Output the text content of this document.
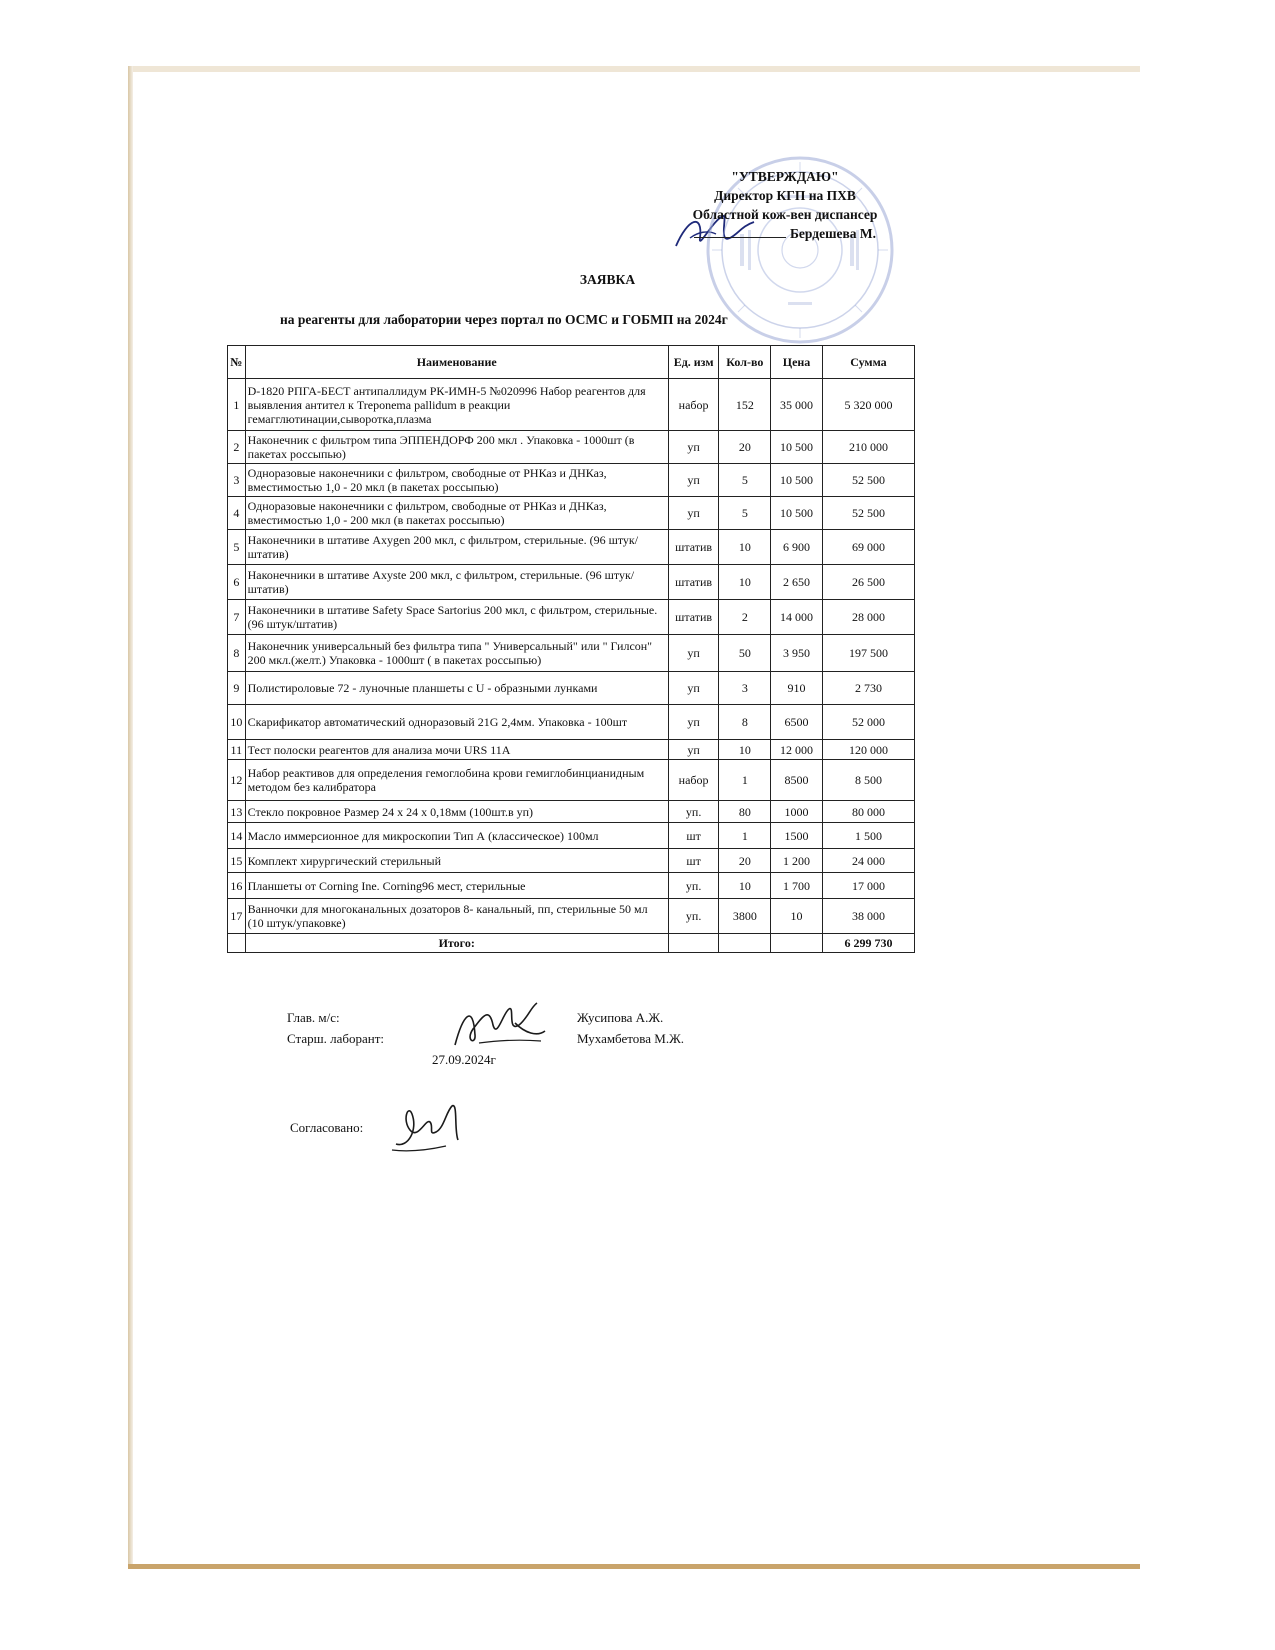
"УТВЕРЖДАЮ"
Директор КГП на ПХВ
Областной кож-вен диспансер
Бердешева М.
ЗАЯВКА
на реагенты для лаборатории через портал по ОСМС и ГОБМП на 2024г
№	Наименование	Ед. изм	Кол-во	Цена	Сумма
1	D-1820 РПГА-БЕСТ антипаллидум РК-ИМН-5 №020996 Набор реагентов для выявления антител к Treponema pallidum в реакции гемагглютинации,сыворотка,плазма	набор	152	35 000	5 320 000
2	Наконечник с фильтром типа ЭППЕНДОРФ 200 мкл . Упаковка - 1000шт (в пакетах россыпью)	уп	20	10 500	210 000
3	Одноразовые наконечники с фильтром, свободные от РНКаз и ДНКаз, вместимостью 1,0 - 20 мкл (в пакетах россыпью)	уп	5	10 500	52 500
4	Одноразовые наконечники с фильтром, свободные от РНКаз и ДНКаз, вместимостью 1,0 - 200 мкл (в пакетах россыпью)	уп	5	10 500	52 500
5	Наконечники в штативе Axygen 200 мкл, с фильтром, стерильные. (96 штук/штатив)	штатив	10	6 900	69 000
6	Наконечники в штативе Axyste 200 мкл, с фильтром, стерильные. (96 штук/штатив)	штатив	10	2 650	26 500
7	Наконечники в штативе Safety Space Sartorius 200 мкл, с фильтром, стерильные. (96 штук/штатив)	штатив	2	14 000	28 000
8	Наконечник универсальный без фильтра типа " Универсальный" или " Гилсон" 200 мкл.(желт.) Упаковка - 1000шт ( в пакетах россыпью)	уп	50	3 950	197 500
9	Полистироловые 72 - луночные планшеты с U - образными лунками	уп	3	910	2 730
10	Скарификатор автоматический одноразовый 21G 2,4мм. Упаковка - 100шт	уп	8	6500	52 000
11	Тест полоски реагентов для анализа мочи URS 11A	уп	10	12 000	120 000
12	Набор реактивов для определения гемоглобина крови гемиглобинцианидным методом без калибратора	набор	1	8500	8 500
13	Стекло покровное Размер 24 x 24 x 0,18мм (100шт.в уп)	уп.	80	1000	80 000
14	Масло иммерсионное для микроскопии Тип А (классическое) 100мл	шт	1	1500	1 500
15	Комплект хирургический стерильный	шт	20	1 200	24 000
16	Планшеты от Corning Ine. Corning96 мест, стерильные	уп.	10	1 700	17 000
17	Ванночки для многоканальных дозаторов 8- канальный, пп, стерильные 50 мл (10 штук/упаковке)	уп.	3800	10	38 000
	Итого:				6 299 730
Глав. м/с:	Жусипова А.Ж.
Старш. лаборант:	Мухамбетова М.Ж.
27.09.2024г
Согласовано:
